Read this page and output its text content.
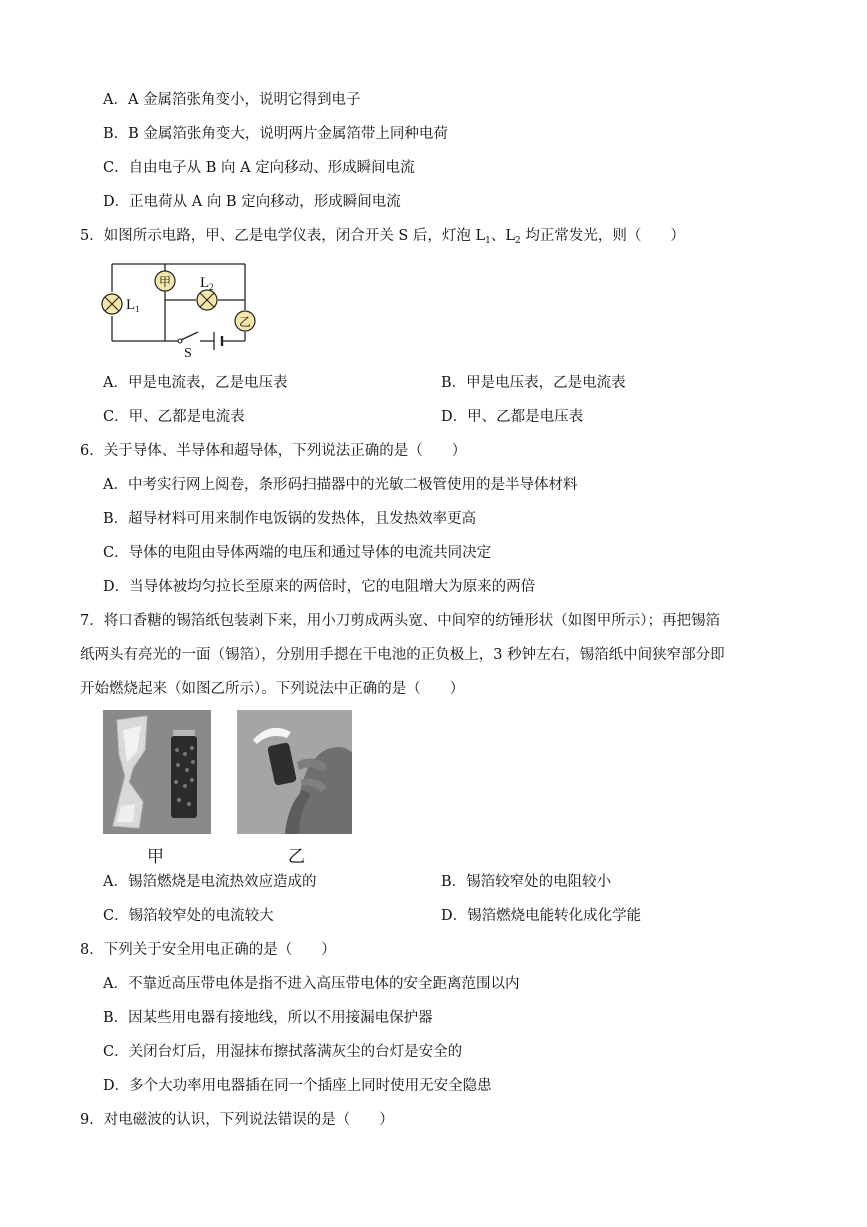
A．A 金属箔张角变小，说明它得到电子
B．B 金属箔张角变大，说明两片金属箔带上同种电荷
C．自由电子从 B 向 A 定向移动、形成瞬间电流
D．正电荷从 A 向 B 定向移动，形成瞬间电流
5．如图所示电路，甲、乙是电学仪表，闭合开关 S 后，灯泡 $L_1$、$L_2$ 均正常发光，则（　　）
$L_1$
甲 $L_2$
乙
S
A．甲是电流表，乙是电压表	B．甲是电压表，乙是电流表
C．甲、乙都是电流表	D．甲、乙都是电压表
6．关于导体、半导体和超导体，下列说法正确的是（　　）
A．中考实行网上阅卷，条形码扫描器中的光敏二极管使用的是半导体材料
B．超导材料可用来制作电饭锅的发热体，且发热效率更高
C．导体的电阻由导体两端的电压和通过导体的电流共同决定
D．当导体被均匀拉长至原来的两倍时，它的电阻增大为原来的两倍
7．将口香糖的锡箔纸包装剥下来，用小刀剪成两头宽、中间窄的纺锤形状（如图甲所示）；再把锡箔
纸两头有亮光的一面（锡箔），分别用手摁在干电池的正负极上，3 秒钟左右，锡箔纸中间狭窄部分即
开始燃烧起来（如图乙所示）。下列说法中正确的是（　　）
甲	乙
A．锡箔燃烧是电流热效应造成的	B．锡箔较窄处的电阻较小
C．锡箔较窄处的电流较大	D．锡箔燃烧电能转化成化学能
8．下列关于安全用电正确的是（　　）
A．不靠近高压带电体是指不进入高压带电体的安全距离范围以内
B．因某些用电器有接地线，所以不用接漏电保护器
C．关闭台灯后，用湿抹布擦拭落满灰尘的台灯是安全的
D．多个大功率用电器插在同一个插座上同时使用无安全隐患
9．对电磁波的认识，下列说法错误的是（　　）
